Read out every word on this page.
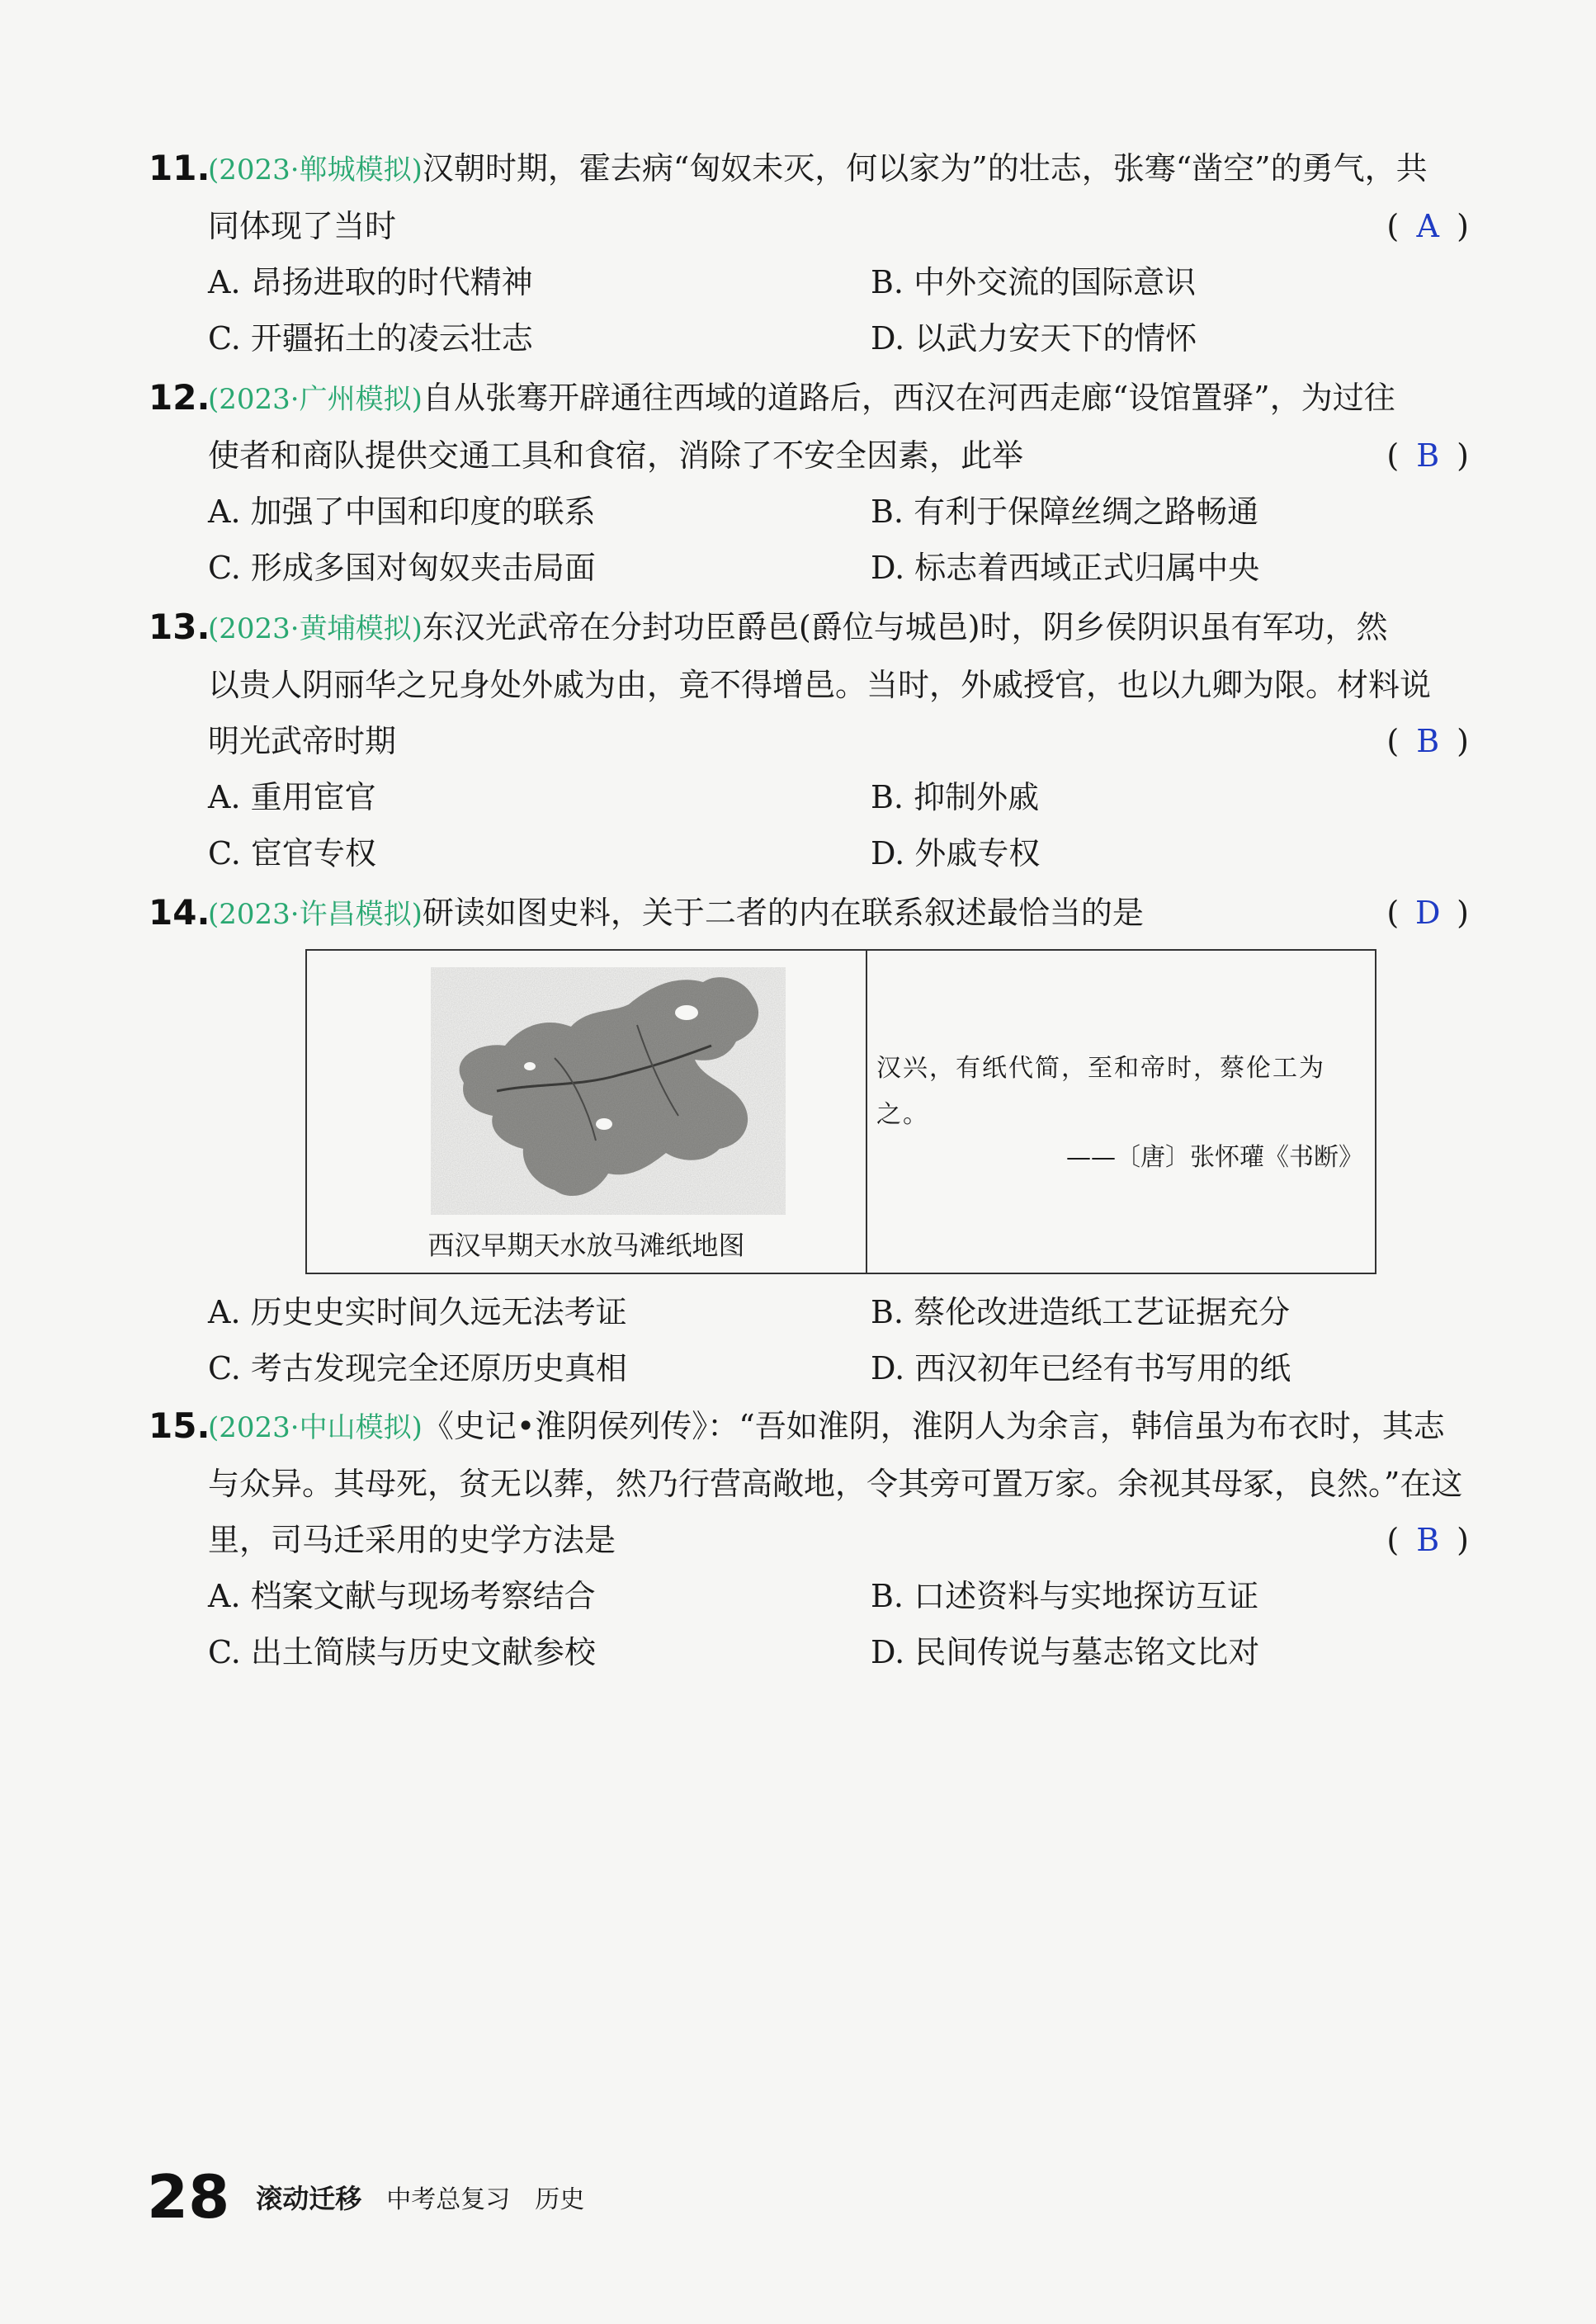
11.
(2023·郸城模拟)汉朝时期，霍去病“匈奴未灭，何以家为”的壮志，张骞“凿空”的勇气，共
同体现了当时	( A )
A. 昂扬进取的时代精神	B. 中外交流的国际意识
C. 开疆拓土的凌云壮志	D. 以武力安天下的情怀
12.
(2023·广州模拟)自从张骞开辟通往西域的道路后，西汉在河西走廊“设馆置驿”，为过往
使者和商队提供交通工具和食宿，消除了不安全因素，此举	( B )
A. 加强了中国和印度的联系	B. 有利于保障丝绸之路畅通
C. 形成多国对匈奴夹击局面	D. 标志着西域正式归属中央
13.
(2023·黄埔模拟)东汉光武帝在分封功臣爵邑(爵位与城邑)时，阴乡侯阴识虽有军功，然
以贵人阴丽华之兄身处外戚为由，竟不得增邑。当时，外戚授官，也以九卿为限。材料说
明光武帝时期	( B )
A. 重用宦官	B. 抑制外戚
C. 宦官专权	D. 外戚专权
14.
(2023·许昌模拟)研读如图史料，关于二者的内在联系叙述最恰当的是	( D )
西汉早期天水放马滩纸地图
汉兴，有纸代简，至和帝时，蔡伦工为之。
——〔唐〕张怀瓘《书断》
A. 历史史实时间久远无法考证	B. 蔡伦改进造纸工艺证据充分
C. 考古发现完全还原历史真相	D. 西汉初年已经有书写用的纸
15.
(2023·中山模拟)《史记•淮阴侯列传》：“吾如淮阴，淮阴人为余言，韩信虽为布衣时，其志
与众异。其母死，贫无以葬，然乃行营高敞地，令其旁可置万家。余视其母冢，良然。”在这
里，司马迁采用的史学方法是	( B )
A. 档案文献与现场考察结合	B. 口述资料与实地探访互证
C. 出土简牍与历史文献参校	D. 民间传说与墓志铭文比对
28 滚动迁移 中考总复习 历史
